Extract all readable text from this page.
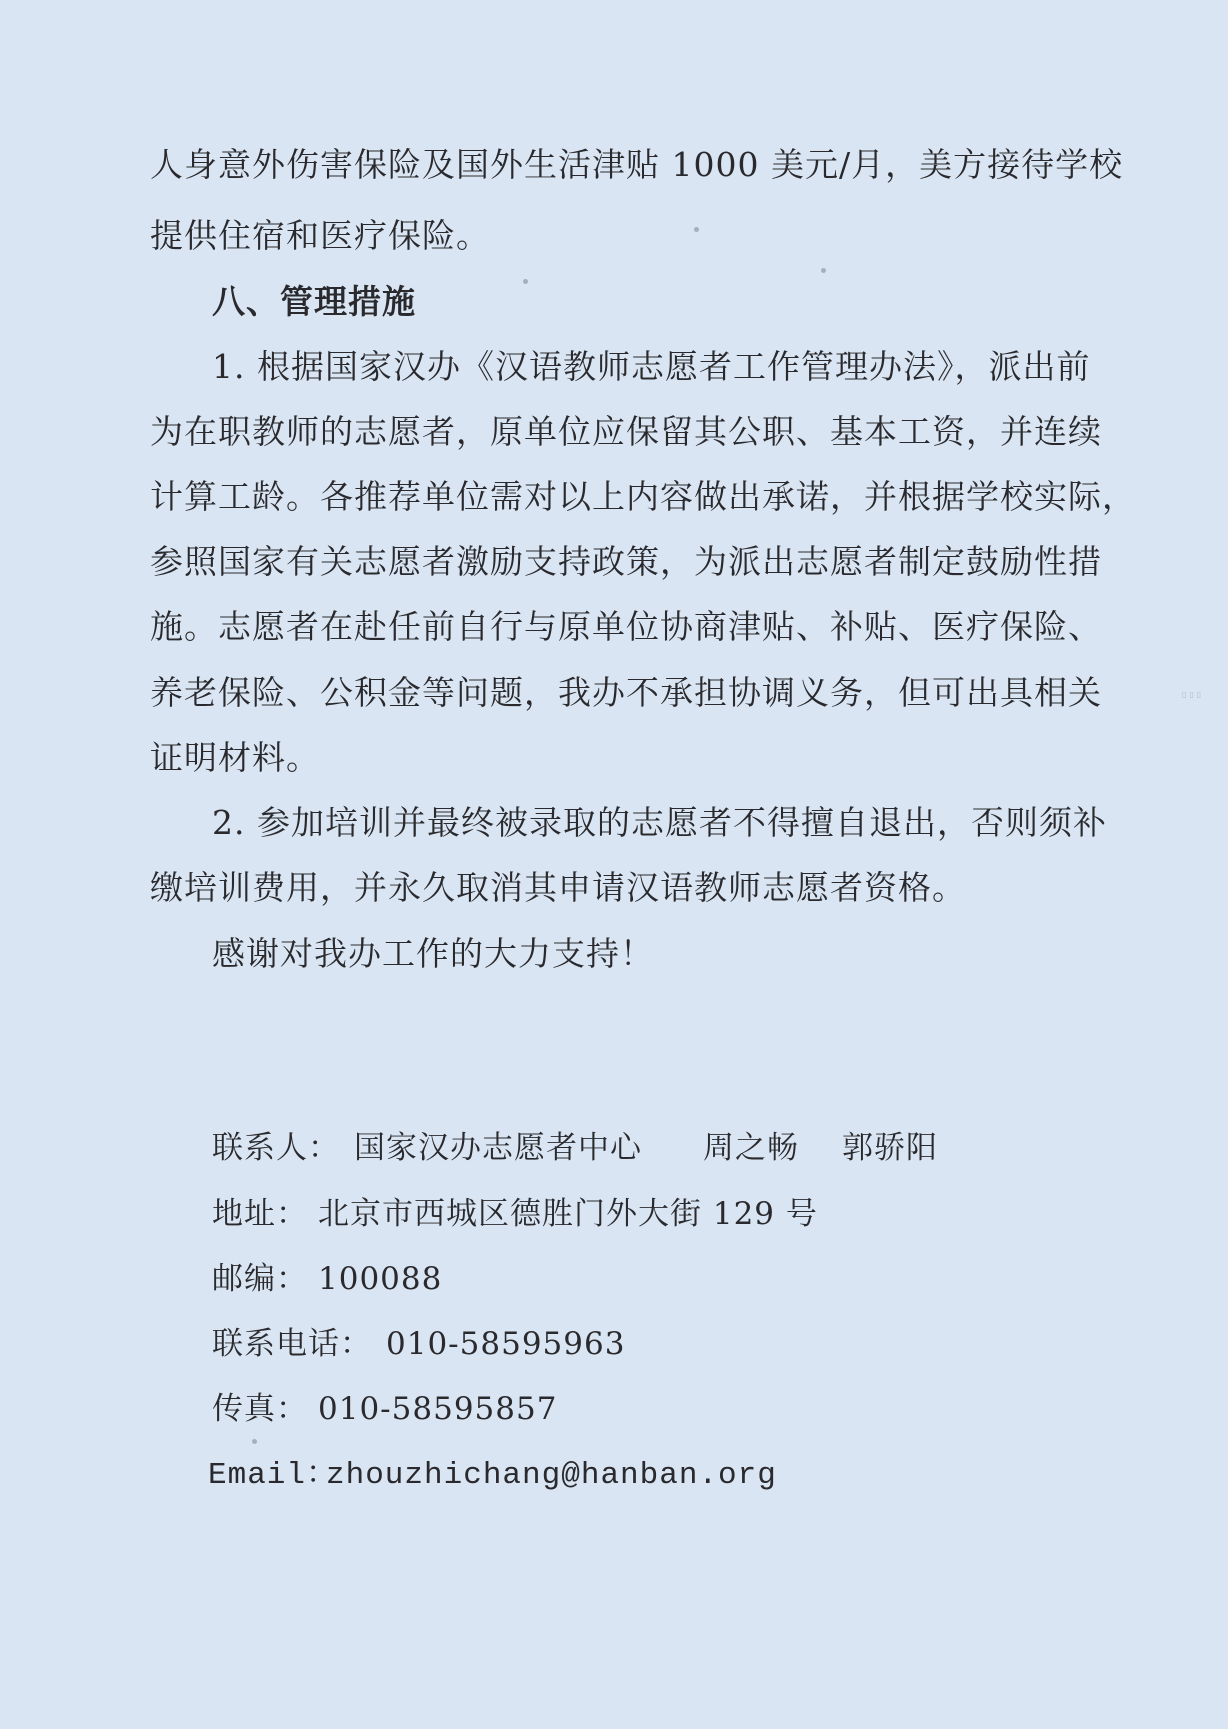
▯▯▯
人身意外伤害保险及国外生活津贴 1000 美元/月，美方接待学校
提供住宿和医疗保险。
八、管理措施
1. 根据国家汉办《汉语教师志愿者工作管理办法》，派出前
为在职教师的志愿者，原单位应保留其公职、基本工资，并连续
计算工龄。各推荐单位需对以上内容做出承诺，并根据学校实际，
参照国家有关志愿者激励支持政策，为派出志愿者制定鼓励性措
施。志愿者在赴任前自行与原单位协商津贴、补贴、医疗保险、
养老保险、公积金等问题，我办不承担协调义务，但可出具相关
证明材料。
2. 参加培训并最终被录取的志愿者不得擅自退出，否则须补
缴培训费用，并永久取消其申请汉语教师志愿者资格。
感谢对我办工作的大力支持！
联系人： 国家汉办志愿者中心 周之畅 郭骄阳
地址： 北京市西城区德胜门外大街 129 号
邮编： 100088
联系电话： 010-58595963
传真： 010-58595857
Email：
zhouzhichang@hanban.org
